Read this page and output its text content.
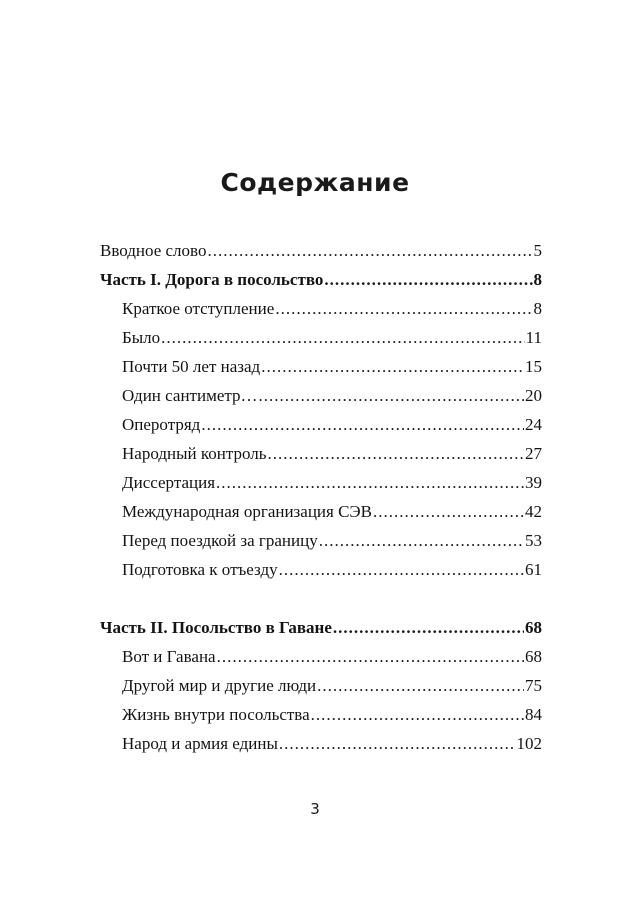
Содержание
Вводное слово .....	5
Часть I. Дорога в посольство .....	8
Краткое отступление .....	8
Было .....	11
Почти 50 лет назад .....	15
Один сантиметр… .....	20
Оперотряд .....	24
Народный контроль .....	27
Диссертация .....	39
Международная организация СЭВ .....	42
Перед поездкой за границу .....	53
Подготовка к отъезду .....	61
Часть II. Посольство в Гаване .....	68
Вот и Гавана .....	68
Другой мир и другие люди .....	75
Жизнь внутри посольства .....	84
Народ и армия едины .....	102
3
